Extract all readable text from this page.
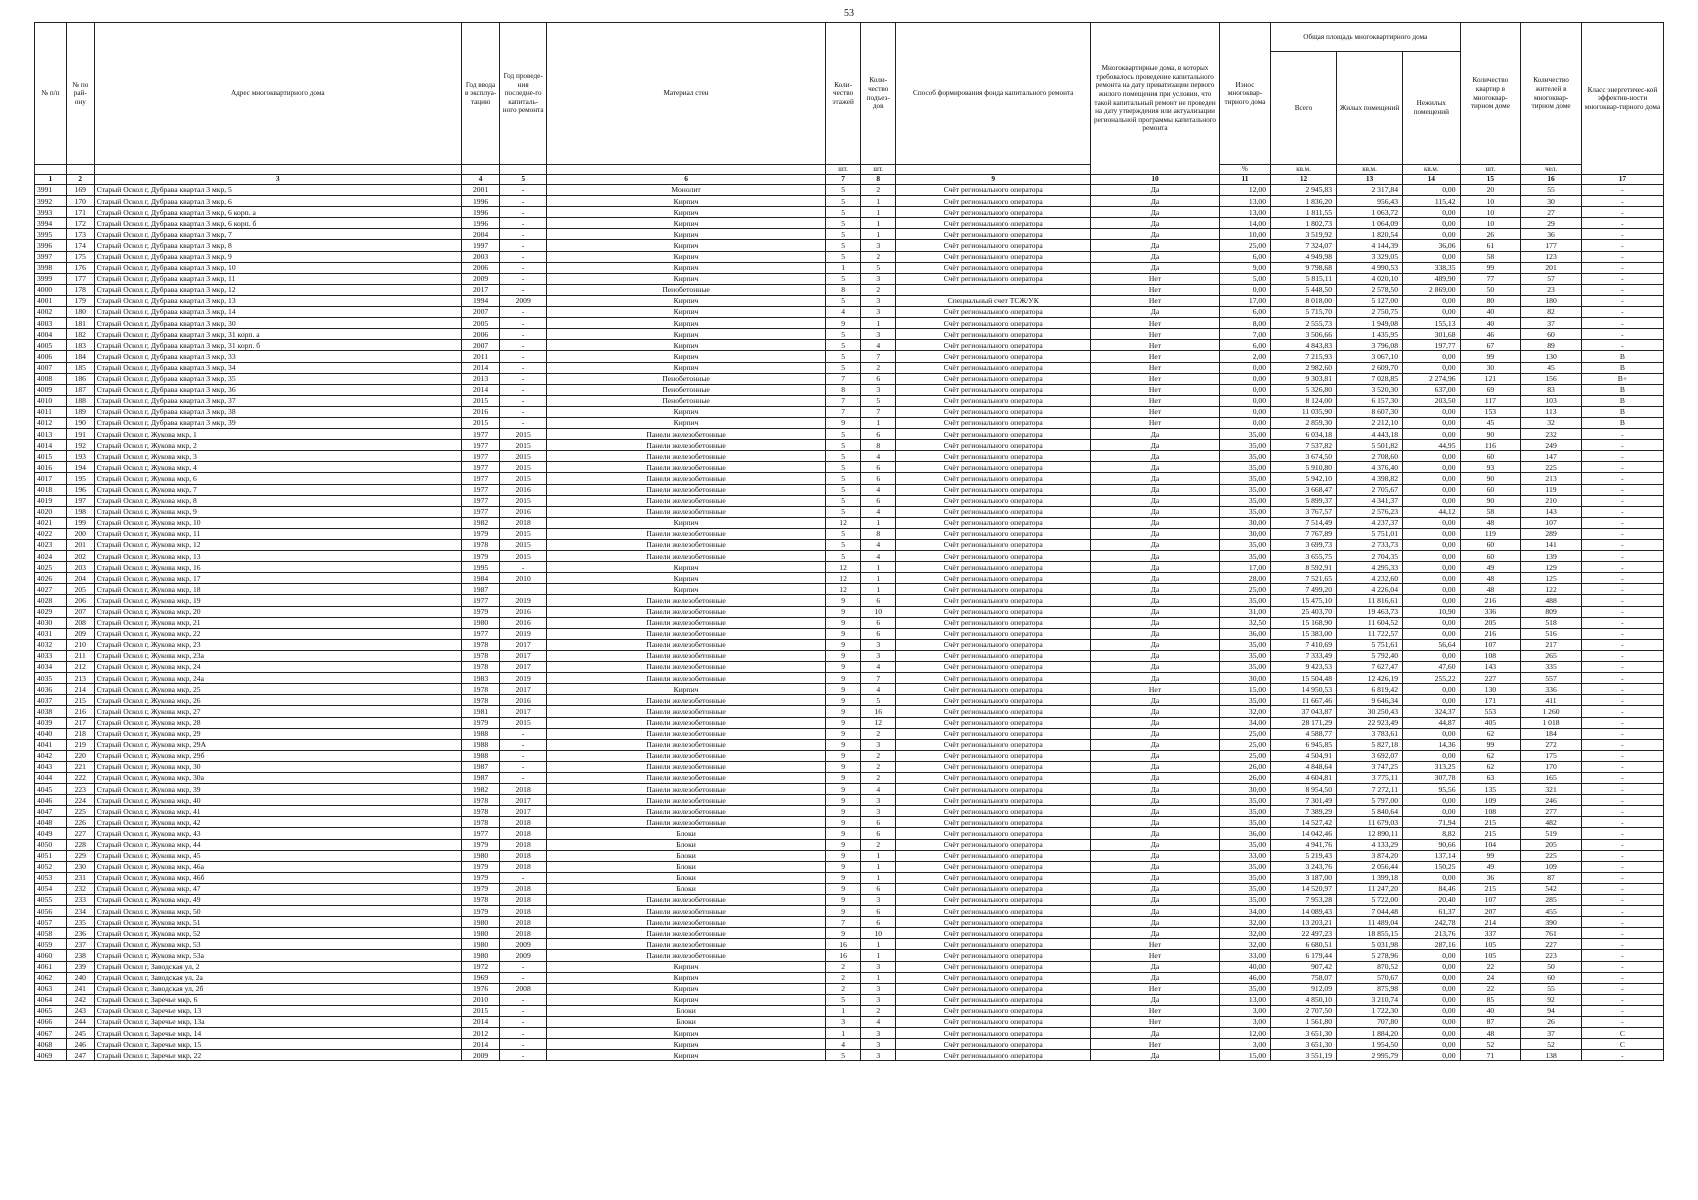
53
№ п/п	№ по рай-ону	Адрес многоквартирного дома	Год ввода в эксплуа-тацию	Год проведе-ния последне-го капиталь-ного ремонта	Материал стен	Коли-чество этажей	Коли-чество подъез-дов	Способ формирования фонда капитального ремонта	Многоквартирные дома, в которых требовалось проведение капитального ремонта на дату приватизации первого жилого помещения при условии, что такой капитальный ремонт не проведен на дату утверждения или актуализации региональной программы капитального ремонта	Износ многоквар-тирного дома	Общая площадь многоквартирного дома			Количество квартир в многоквар-тирном доме	Количество жителей в многоквар-тирном доме	Класс энергетичес-кой эффектив-ности многоквар-тирного дома
											Всего	Жилых помещений	Нежилых помещений			
						шт.	шт.			%	кв.м.	кв.м.	кв.м.	шт.	чел.	
1	2	3	4	5	6	7	8	9	10	11	12	13	14	15	16	17
3991	169	Старый Оскол г, Дубрава квартал 3 мкр, 5	2001	-	Монолит	5	2	Счёт регионального оператора	Да	12,00	2 945,83	2 317,84	0,00	20	55	-
3992	170	Старый Оскол г, Дубрава квартал 3 мкр, 6	1996	-	Кирпич	5	1	Счёт регионального оператора	Да	13,00	1 836,20	956,43	115,42	10	30	-
3993	171	Старый Оскол г, Дубрава квартал 3 мкр, 6 корп. а	1996	-	Кирпич	5	1	Счёт регионального оператора	Да	13,00	1 811,55	1 063,72	0,00	10	27	-
3994	172	Старый Оскол г, Дубрава квартал 3 мкр, 6 корп. б	1996	-	Кирпич	5	1	Счёт регионального оператора	Да	14,00	1 802,73	1 064,09	0,00	10	29	-
3995	173	Старый Оскол г, Дубрава квартал 3 мкр, 7	2004	-	Кирпич	5	1	Счёт регионального оператора	Да	10,00	3 519,92	1 820,54	0,00	26	36	-
3996	174	Старый Оскол г, Дубрава квартал 3 мкр, 8	1997	-	Кирпич	5	3	Счёт регионального оператора	Да	25,00	7 324,07	4 144,39	36,06	61	177	-
3997	175	Старый Оскол г, Дубрава квартал 3 мкр, 9	2003	-	Кирпич	5	2	Счёт регионального оператора	Да	6,00	4 949,98	3 329,05	0,00	58	123	-
3998	176	Старый Оскол г, Дубрава квартал 3 мкр, 10	2006	-	Кирпич	1	5	Счёт регионального оператора	Да	9,00	9 798,68	4 990,53	338,35	99	201	-
3999	177	Старый Оскол г, Дубрава квартал 3 мкр, 11	2009	-	Кирпич	5	3	Счёт регионального оператора	Нет	5,00	5 815,11	4 020,10	489,90	77	57	-
4000	178	Старый Оскол г, Дубрава квартал 3 мкр, 12	2017	-	Пенобетонные	8	2		Нет	0,00	5 448,50	2 578,50	2 869,00	50	23	-
4001	179	Старый Оскол г, Дубрава квартал 3 мкр, 13	1994	2009	Кирпич	5	3	Специальный счет ТСЖ/УК	Нет	17,00	8 018,00	5 127,00	0,00	80	180	-
4002	180	Старый Оскол г, Дубрава квартал 3 мкр, 14	2007	-	Кирпич	4	3	Счёт регионального оператора	Да	6,00	5 715,70	2 750,75	0,00	40	82	-
4003	181	Старый Оскол г, Дубрава квартал 3 мкр, 30	2005	-	Кирпич	9	1	Счёт регионального оператора	Нет	8,00	2 555,73	1 949,08	155,13	40	37	-
4004	182	Старый Оскол г, Дубрава квартал 3 мкр, 31 корп. а	2006	-	Кирпич	5	3	Счёт регионального оператора	Нет	7,00	3 506,66	1 435,95	301,68	46	60	-
4005	183	Старый Оскол г, Дубрава квартал 3 мкр, 31 корп. б	2007	-	Кирпич	5	4	Счёт регионального оператора	Нет	6,00	4 843,83	3 796,08	197,77	67	89	-
4006	184	Старый Оскол г, Дубрава квартал 3 мкр, 33	2011	-	Кирпич	5	7	Счёт регионального оператора	Нет	2,00	7 215,93	3 067,10	0,00	99	130	B
4007	185	Старый Оскол г, Дубрава квартал 3 мкр, 34	2014	-	Кирпич	5	2	Счёт регионального оператора	Нет	0,00	2 982,60	2 609,70	0,00	30	45	B
4008	186	Старый Оскол г, Дубрава квартал 3 мкр, 35	2013	-	Пенобетонные	7	6	Счёт регионального оператора	Нет	0,00	9 303,81	7 028,85	2 274,96	121	156	B+
4009	187	Старый Оскол г, Дубрава квартал 3 мкр, 36	2014	-	Пенобетонные	8	3	Счёт регионального оператора	Нет	0,00	5 326,80	3 520,30	637,00	69	83	B
4010	188	Старый Оскол г, Дубрава квартал 3 мкр, 37	2015	-	Пенобетонные	7	5	Счёт регионального оператора	Нет	0,00	8 124,00	6 157,30	203,50	117	103	B
4011	189	Старый Оскол г, Дубрава квартал 3 мкр, 38	2016	-	Кирпич	7	7	Счёт регионального оператора	Нет	0,00	11 035,90	8 607,30	0,00	153	113	B
4012	190	Старый Оскол г, Дубрава квартал 3 мкр, 39	2015	-	Кирпич	9	1	Счёт регионального оператора	Нет	0,00	2 859,30	2 212,10	0,00	45	32	B
4013	191	Старый Оскол г, Жукова мкр, 1	1977	2015	Панели железобетонные	5	6	Счёт регионального оператора	Да	35,00	6 034,18	4 443,18	0,00	90	232	-
4014	192	Старый Оскол г, Жукова мкр, 2	1977	2015	Панели железобетонные	5	8	Счёт регионального оператора	Да	35,00	7 537,82	5 501,82	44,95	116	249	-
4015	193	Старый Оскол г, Жукова мкр, 3	1977	2015	Панели железобетонные	5	4	Счёт регионального оператора	Да	35,00	3 674,50	2 708,60	0,00	60	147	-
4016	194	Старый Оскол г, Жукова мкр, 4	1977	2015	Панели железобетонные	5	6	Счёт регионального оператора	Да	35,00	5 910,80	4 376,40	0,00	93	225	-
4017	195	Старый Оскол г, Жукова мкр, 6	1977	2015	Панели железобетонные	5	6	Счёт регионального оператора	Да	35,00	5 942,10	4 398,82	0,00	90	213	-
4018	196	Старый Оскол г, Жукова мкр, 7	1977	2016	Панели железобетонные	5	4	Счёт регионального оператора	Да	35,00	3 668,47	2 705,67	0,00	60	119	-
4019	197	Старый Оскол г, Жукова мкр, 8	1977	2015	Панели железобетонные	5	6	Счёт регионального оператора	Да	35,00	5 899,37	4 341,37	0,00	90	210	-
4020	198	Старый Оскол г, Жукова мкр, 9	1977	2016	Панели железобетонные	5	4	Счёт регионального оператора	Да	35,00	3 767,57	2 576,23	44,12	58	143	-
4021	199	Старый Оскол г, Жукова мкр, 10	1982	2018	Кирпич	12	1	Счёт регионального оператора	Да	30,00	7 514,49	4 237,37	0,00	48	107	-
4022	200	Старый Оскол г, Жукова мкр, 11	1979	2015	Панели железобетонные	5	8	Счёт регионального оператора	Да	30,00	7 767,89	5 751,01	0,00	119	289	-
4023	201	Старый Оскол г, Жукова мкр, 12	1978	2015	Панели железобетонные	5	4	Счёт регионального оператора	Да	35,00	3 699,73	2 733,73	0,00	60	141	-
4024	202	Старый Оскол г, Жукова мкр, 13	1979	2015	Панели железобетонные	5	4	Счёт регионального оператора	Да	35,00	3 655,75	2 704,35	0,00	60	139	-
4025	203	Старый Оскол г, Жукова мкр, 16	1995	-	Кирпич	12	1	Счёт регионального оператора	Да	17,00	8 592,91	4 295,33	0,00	49	129	-
4026	204	Старый Оскол г, Жукова мкр, 17	1984	2010	Кирпич	12	1	Счёт регионального оператора	Да	28,00	7 521,65	4 232,60	0,00	48	125	-
4027	205	Старый Оскол г, Жукова мкр, 18	1987		Кирпич	12	1	Счёт регионального оператора	Да	25,00	7 499,20	4 226,04	0,00	48	122	-
4028	206	Старый Оскол г, Жукова мкр, 19	1977	2019	Панели железобетонные	9	6	Счёт регионального оператора	Да	35,00	15 475,10	11 816,61	0,00	216	488	-
4029	207	Старый Оскол г, Жукова мкр, 20	1979	2016	Панели железобетонные	9	10	Счёт регионального оператора	Да	31,00	25 403,70	19 463,73	10,90	336	809	-
4030	208	Старый Оскол г, Жукова мкр, 21	1980	2016	Панели железобетонные	9	6	Счёт регионального оператора	Да	32,50	15 168,90	11 604,52	0,00	205	518	-
4031	209	Старый Оскол г, Жукова мкр, 22	1977	2019	Панели железобетонные	9	6	Счёт регионального оператора	Да	36,00	15 383,00	11 722,57	0,00	216	516	-
4032	210	Старый Оскол г, Жукова мкр, 23	1978	2017	Панели железобетонные	9	3	Счёт регионального оператора	Да	35,00	7 410,69	5 751,61	56,64	107	217	-
4033	211	Старый Оскол г, Жукова мкр, 23а	1978	2017	Панели железобетонные	9	3	Счёт регионального оператора	Да	35,00	7 333,49	5 792,40	0,00	108	265	-
4034	212	Старый Оскол г, Жукова мкр, 24	1978	2017	Панели железобетонные	9	4	Счёт регионального оператора	Да	35,00	9 423,53	7 627,47	47,60	143	335	-
4035	213	Старый Оскол г, Жукова мкр, 24а	1983	2019	Панели железобетонные	9	7	Счёт регионального оператора	Да	30,00	15 504,48	12 426,19	255,22	227	557	-
4036	214	Старый Оскол г, Жукова мкр, 25	1978	2017	Кирпич	9	4	Счёт регионального оператора	Нет	15,00	14 950,53	6 819,42	0,00	130	336	-
4037	215	Старый Оскол г, Жукова мкр, 26	1978	2016	Панели железобетонные	9	5	Счёт регионального оператора	Да	35,00	11 667,46	9 646,34	0,00	171	411	-
4038	216	Старый Оскол г, Жукова мкр, 27	1981	2017	Панели железобетонные	9	16	Счёт регионального оператора	Да	32,00	37 043,87	30 250,43	324,37	553	1 260	-
4039	217	Старый Оскол г, Жукова мкр, 28	1979	2015	Панели железобетонные	9	12	Счёт регионального оператора	Да	34,00	28 171,29	22 923,49	44,87	405	1 018	-
4040	218	Старый Оскол г, Жукова мкр, 29	1988	-	Панели железобетонные	9	2	Счёт регионального оператора	Да	25,00	4 588,77	3 783,61	0,00	62	184	-
4041	219	Старый Оскол г, Жукова мкр, 29А	1988	-	Панели железобетонные	9	3	Счёт регионального оператора	Да	25,00	6 945,85	5 827,18	14,36	99	272	-
4042	220	Старый Оскол г, Жукова мкр, 29б	1988	-	Панели железобетонные	9	2	Счёт регионального оператора	Да	25,00	4 504,91	3 692,07	0,00	62	175	-
4043	221	Старый Оскол г, Жукова мкр, 30	1987	-	Панели железобетонные	9	2	Счёт регионального оператора	Да	26,00	4 848,64	3 747,25	313,25	62	170	-
4044	222	Старый Оскол г, Жукова мкр, 30а	1987	-	Панели железобетонные	9	2	Счёт регионального оператора	Да	26,00	4 604,81	3 775,11	307,78	63	165	-
4045	223	Старый Оскол г, Жукова мкр, 39	1982	2018	Панели железобетонные	9	4	Счёт регионального оператора	Да	30,00	8 954,50	7 272,11	95,56	135	321	-
4046	224	Старый Оскол г, Жукова мкр, 40	1978	2017	Панели железобетонные	9	3	Счёт регионального оператора	Да	35,00	7 301,49	5 797,00	0,00	109	246	-
4047	225	Старый Оскол г, Жукова мкр, 41	1978	2017	Панели железобетонные	9	3	Счёт регионального оператора	Да	35,00	7 389,29	5 840,64	0,00	108	277	-
4048	226	Старый Оскол г, Жукова мкр, 42	1978	2018	Панели железобетонные	9	6	Счёт регионального оператора	Да	35,00	14 527,42	11 679,03	71,94	215	482	-
4049	227	Старый Оскол г, Жукова мкр, 43	1977	2018	Блоки	9	6	Счёт регионального оператора	Да	36,00	14 042,46	12 890,11	8,82	215	519	-
4050	228	Старый Оскол г, Жукова мкр, 44	1979	2018	Блоки	9	2	Счёт регионального оператора	Да	35,00	4 941,76	4 133,29	90,66	104	205	-
4051	229	Старый Оскол г, Жукова мкр, 45	1980	2018	Блоки	9	1	Счёт регионального оператора	Да	33,00	5 219,43	3 874,20	137,14	99	225	-
4052	230	Старый Оскол г, Жукова мкр, 46а	1979	2018	Блоки	9	1	Счёт регионального оператора	Да	35,00	3 243,76	2 056,44	150,25	49	109	-
4053	231	Старый Оскол г, Жукова мкр, 46б	1979	-	Блоки	9	1	Счёт регионального оператора	Да	35,00	3 187,00	1 399,18	0,00	36	87	-
4054	232	Старый Оскол г, Жукова мкр, 47	1979	2018	Блоки	9	6	Счёт регионального оператора	Да	35,00	14 520,97	11 247,20	84,46	215	542	-
4055	233	Старый Оскол г, Жукова мкр, 49	1978	2018	Панели железобетонные	9	3	Счёт регионального оператора	Да	35,00	7 953,28	5 722,00	20,40	107	285	-
4056	234	Старый Оскол г, Жукова мкр, 50	1979	2018	Панели железобетонные	9	6	Счёт регионального оператора	Да	34,00	14 089,43	7 044,48	61,37	207	455	-
4057	235	Старый Оскол г, Жукова мкр, 51	1980	2018	Панели железобетонные	7	6	Счёт регионального оператора	Да	32,00	13 203,21	11 489,04	242,78	214	390	-
4058	236	Старый Оскол г, Жукова мкр, 52	1980	2018	Панели железобетонные	9	10	Счёт регионального оператора	Да	32,00	22 497,23	18 855,15	213,76	337	761	-
4059	237	Старый Оскол г, Жукова мкр, 53	1980	2009	Панели железобетонные	16	1	Счёт регионального оператора	Нет	32,00	6 680,51	5 031,98	287,16	105	227	-
4060	238	Старый Оскол г, Жукова мкр, 53а	1980	2009	Панели железобетонные	16	1	Счёт регионального оператора	Нет	33,00	6 179,44	5 278,96	0,00	105	223	-
4061	239	Старый Оскол г, Заводская ул, 2	1972	-	Кирпич	2	3	Счёт регионального оператора	Да	40,00	907,42	870,52	0,00	22	50	-
4062	240	Старый Оскол г, Заводская ул, 2а	1969	-	Кирпич	2	1	Счёт регионального оператора	Да	46,00	758,07	570,67	0,00	24	60	-
4063	241	Старый Оскол г, Заводская ул, 2б	1976	2008	Кирпич	2	3	Счёт регионального оператора	Нет	35,00	912,09	875,98	0,00	22	55	-
4064	242	Старый Оскол г, Заречье мкр, 6	2010	-	Кирпич	5	3	Счёт регионального оператора	Да	13,00	4 850,10	3 210,74	0,00	85	92	-
4065	243	Старый Оскол г, Заречье мкр, 13	2015	-	Блоки	1	2	Счёт регионального оператора	Нет	3,00	2 707,50	1 722,30	0,00	40	94	-
4066	244	Старый Оскол г, Заречье мкр, 13а	2014	-	Блоки	3	4	Счёт регионального оператора	Нет	3,00	1 561,80	707,80	0,00	87	26	-
4067	245	Старый Оскол г, Заречье мкр, 14	2012	-	Кирпич	1	3	Счёт регионального оператора	Да	12,00	3 651,30	1 884,20	0,00	48	37	C
4068	246	Старый Оскол г, Заречье мкр, 15	2014	-	Кирпич	4	3	Счёт регионального оператора	Нет	3,00	3 651,30	1 954,50	0,00	52	52	C
4069	247	Старый Оскол г, Заречье мкр, 22	2009	-	Кирпич	5	3	Счёт регионального оператора	Да	15,00	3 551,19	2 995,79	0,00	71	138	-
